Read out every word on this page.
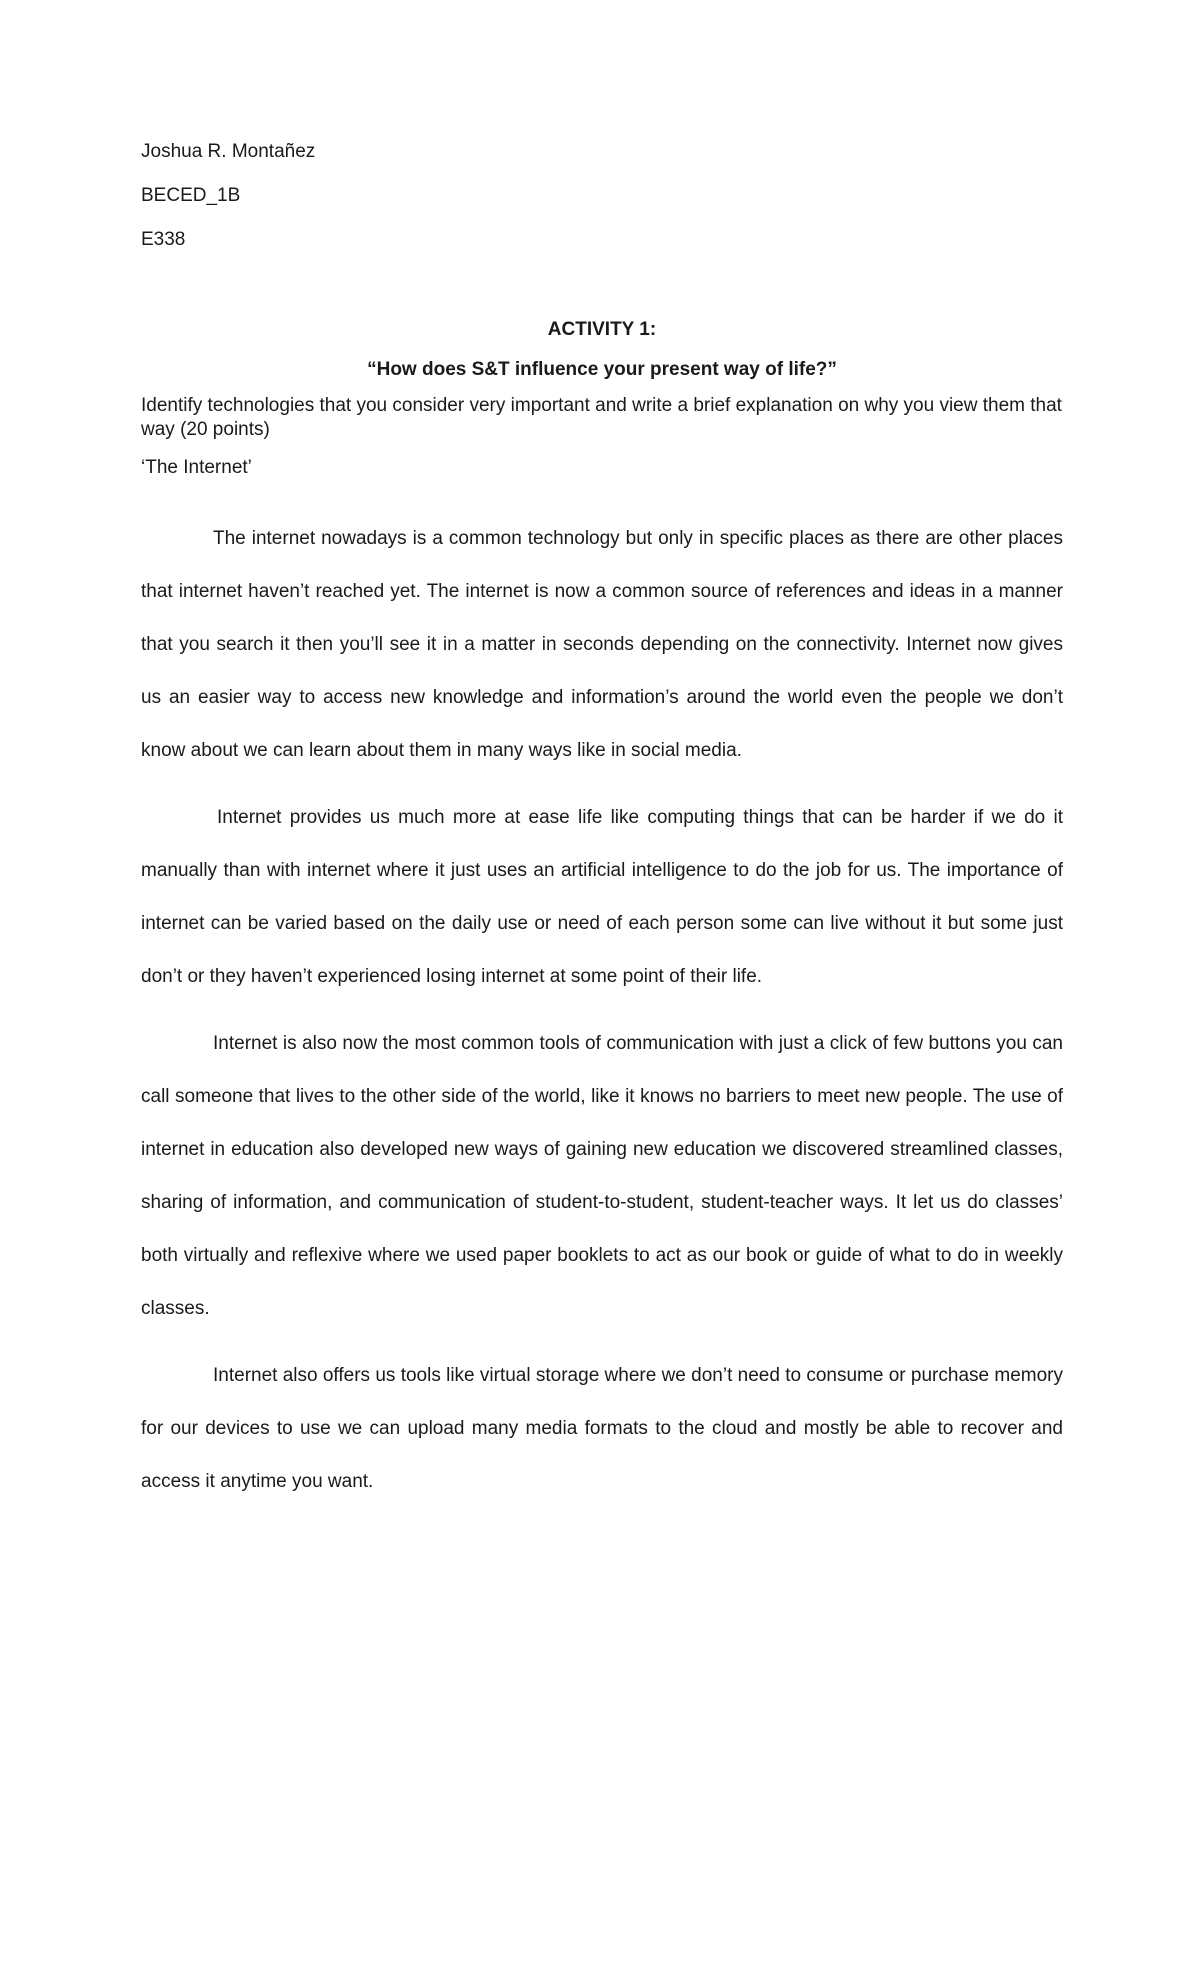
Joshua R. Montañez

BECED_1B

E338

ACTIVITY 1:

“How does S&T influence your present way of life?”

Identify technologies that you consider very important and write a brief explanation on why you view them that way (20 points)

‘The Internet’

The internet nowadays is a common technology but only in specific places as there are other places that internet haven’t reached yet. The internet is now a common source of references and ideas in a manner that you search it then you’ll see it in a matter in seconds depending on the connectivity. Internet now gives us an easier way to access new knowledge and information’s around the world even the people we don’t know about we can learn about them in many ways like in social media.

Internet provides us much more at ease life like computing things that can be harder if we do it manually than with internet where it just uses an artificial intelligence to do the job for us. The importance of internet can be varied based on the daily use or need of each person some can live without it but some just don’t or they haven’t experienced losing internet at some point of their life.

Internet is also now the most common tools of communication with just a click of few buttons you can call someone that lives to the other side of the world, like it knows no barriers to meet new people. The use of internet in education also developed new ways of gaining new education we discovered streamlined classes, sharing of information, and communication of student-to-student, student-teacher ways. It let us do classes’ both virtually and reflexive where we used paper booklets to act as our book or guide of what to do in weekly classes.

Internet also offers us tools like virtual storage where we don’t need to consume or purchase memory for our devices to use we can upload many media formats to the cloud and mostly be able to recover and access it anytime you want.
